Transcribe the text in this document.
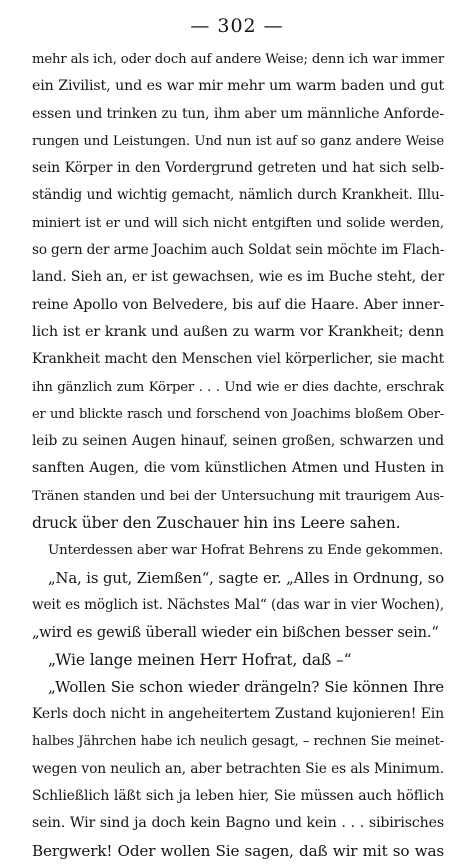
— 302 —
mehr als ich, oder doch auf andere Weise; denn ich war immer
ein Zivilist, und es war mir mehr um warm baden und gut
essen und trinken zu tun, ihm aber um männliche Anforde-
rungen und Leistungen. Und nun ist auf so ganz andere Weise
sein Körper in den Vordergrund getreten und hat sich selb-
ständig und wichtig gemacht, nämlich durch Krankheit. Illu-
miniert ist er und will sich nicht entgiften und solide werden,
so gern der arme Joachim auch Soldat sein möchte im Flach-
land. Sieh an, er ist gewachsen, wie es im Buche steht, der
reine Apollo von Belvedere, bis auf die Haare. Aber inner-
lich ist er krank und außen zu warm vor Krankheit; denn
Krankheit macht den Menschen viel körperlicher, sie macht
ihn gänzlich zum Körper . . . Und wie er dies dachte, erschrak
er und blickte rasch und forschend von Joachims bloßem Ober-
leib zu seinen Augen hinauf, seinen großen, schwarzen und
sanften Augen, die vom künstlichen Atmen und Husten in
Tränen standen und bei der Untersuchung mit traurigem Aus-
druck über den Zuschauer hin ins Leere sahen.
Unterdessen aber war Hofrat Behrens zu Ende gekommen.
„Na, is gut, Ziemßen“, sagte er. „Alles in Ordnung, so
weit es möglich ist. Nächstes Mal“ (das war in vier Wochen),
„wird es gewiß überall wieder ein bißchen besser sein.“
„Wie lange meinen Herr Hofrat, daß –“
„Wollen Sie schon wieder drängeln? Sie können Ihre
Kerls doch nicht in angeheitertem Zustand kujonieren! Ein
halbes Jährchen habe ich neulich gesagt, – rechnen Sie meinet-
wegen von neulich an, aber betrachten Sie es als Minimum.
Schließlich läßt sich ja leben hier, Sie müssen auch höflich
sein. Wir sind ja doch kein Bagno und kein . . . sibirisches
Bergwerk! Oder wollen Sie sagen, daß wir mit so was
